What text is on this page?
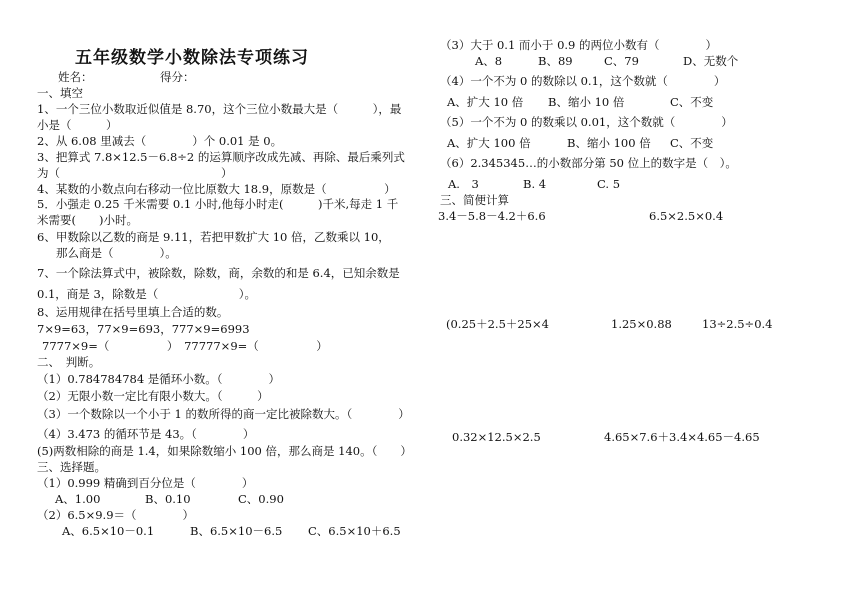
五年级数学小数除法专项练习
姓名：	得分：
一、填空
1、一个三位小数取近似值是 8.70，这个三位小数最大是（　　　），最
小是（　　　）
2、从 6.08 里减去（　　　　）个 0.01 是 0。
3、把算式 7.8×12.5－6.8÷2 的运算顺序改成先减、再除、最后乘列式
为（　　　　　　　　　　　　　　）
4、某数的小数点向右移动一位比原数大 18.9，原数是（　　　　　）
5．小强走 0.25 千米需要 0.1 小时,他每小时走(　　　)千米,每走 1 千
米需要(　　)小时。
6、甲数除以乙数的商是 9.11，若把甲数扩大 10 倍，乙数乘以 10，
那么商是（　　　　）。
7、一个除法算式中，被除数，除数，商，余数的和是 6.4，已知余数是
0.1，商是 3，除数是（　　　　　　　）。
8、运用规律在括号里填上合适的数。
7×9=63，77×9=693，777×9=6993
7777×9=（　　　　　）　77777×9=（　　　　　）
二、　判断。
（1）0.784784784 是循环小数。（　　　　）
（2）无限小数一定比有限小数大。（　　　）
（3）一个数除以一个小于 1 的数所得的商一定比被除数大。（　　　　）
（4）3.473 的循环节是 43。（　　　　）
(5)两数相除的商是 1.4，如果除数缩小 100 倍，那么商是 140。（　　）
三、选择题。
（1）0.999 精确到百分位是（　　　　）
A、1.00	B、0.10	C、0.90
（2）6.5×9.9＝（　　　　）
A、6.5×10－0.1	B、6.5×10－6.5 C、6.5×10＋6.5
（3）大于 0.1 而小于 0.9 的两位小数有（　　　　）
A、8	B、89	C、79	D、无数个
（4）一个不为 0 的数除以 0.1，这个数就（　　　　）
A、扩大 10 倍 B、缩小 10 倍	C、不变
（5）一个不为 0 的数乘以 0.01，这个数就（　　　　）
A、扩大 100 倍	B、缩小 100 倍 C、不变
（6）2.345345…的小数部分第 50 位上的数字是（　）。
A.　3	B. 4	C. 5
三、简便计算
3.4－5.8－4.2＋6.6	6.5×2.5×0.4
(0.25＋2.5＋25×4	1.25×0.88	13÷2.5÷0.4
0.32×12.5×2.5	4.65×7.6＋3.4×4.65－4.65
